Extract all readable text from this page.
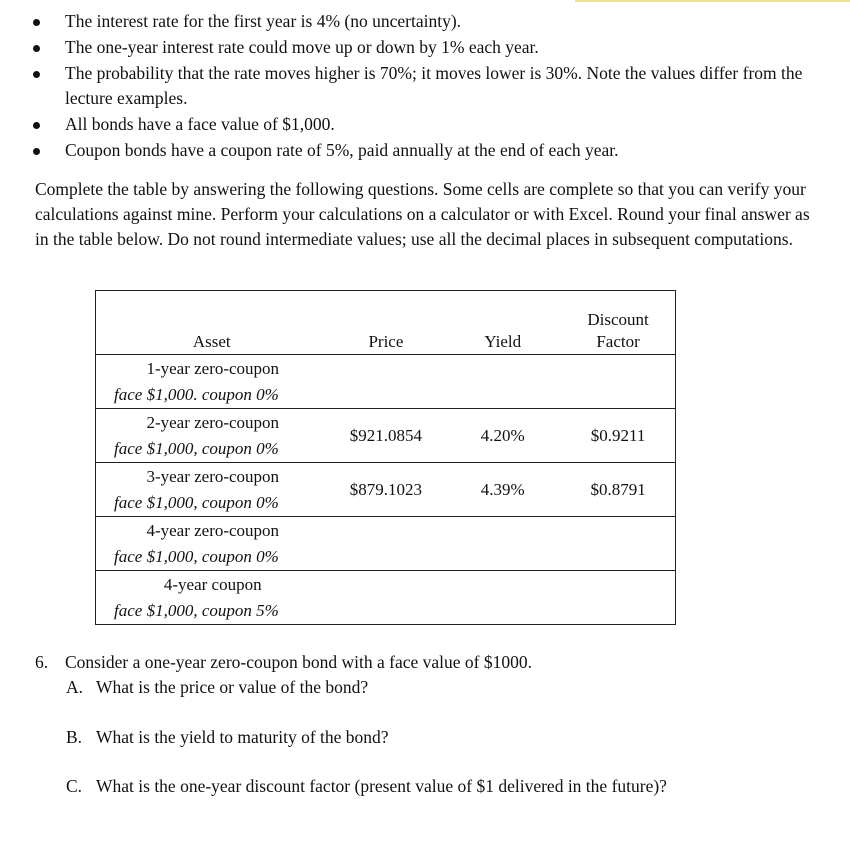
The interest rate for the first year is 4% (no uncertainty).
The one-year interest rate could move up or down by 1% each year.
The probability that the rate moves higher is 70%; it moves lower is 30%. Note the values differ from the lecture examples.
All bonds have a face value of $1,000.
Coupon bonds have a coupon rate of 5%, paid annually at the end of each year.

Complete the table by answering the following questions. Some cells are complete so that you can verify your calculations against mine. Perform your calculations on a calculator or with Excel. Round your final answer as in the table below. Do not round intermediate values; use all the decimal places in subsequent computations.

Asset	Price	Yield	Discount
Factor

1-year zero-coupon
face $1,000. coupon 0%			

2-year zero-coupon
face $1,000, coupon 0%	$921.0854	4.20%	$0.9211

3-year zero-coupon
face $1,000, coupon 0%	$879.1023	4.39%	$0.8791

4-year zero-coupon
face $1,000, coupon 0%			

4-year coupon
face $1,000, coupon 5%			

6. Consider a one-year zero-coupon bond with a face value of $1000.
A. What is the price or value of the bond?
B. What is the yield to maturity of the bond?
C. What is the one-year discount factor (present value of $1 delivered in the future)?
